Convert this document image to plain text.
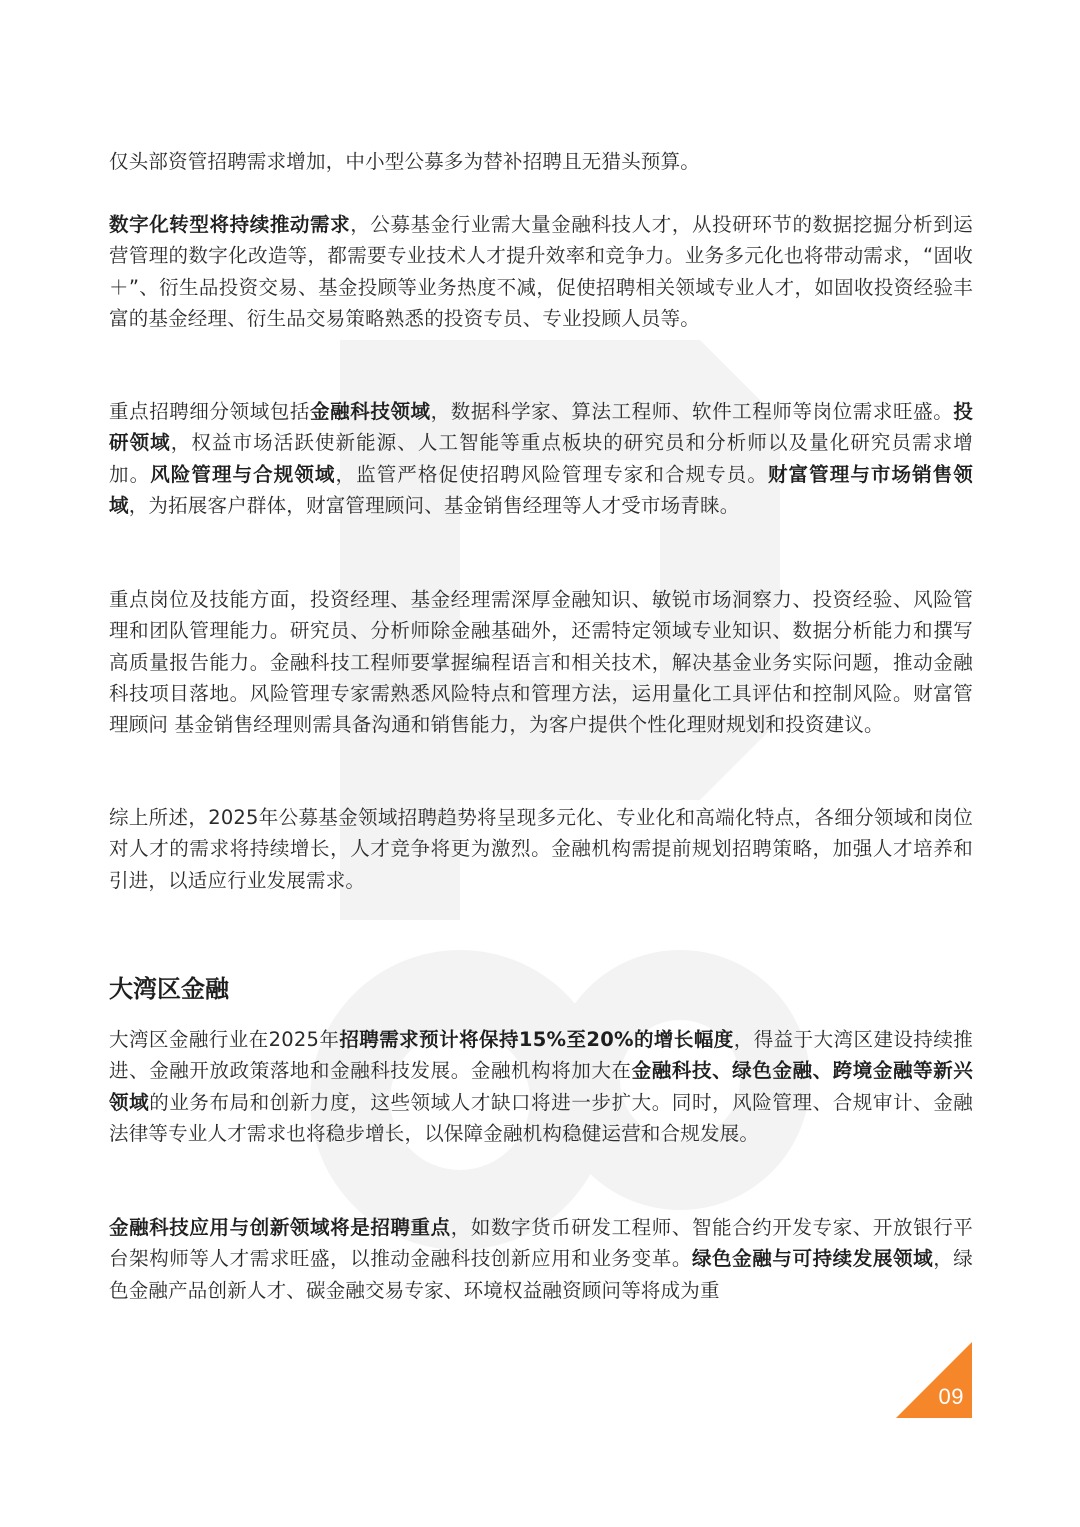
仅头部资管招聘需求增加，中小型公募多为替补招聘且无猎头预算。

数字化转型将持续推动需求，公募基金行业需大量金融科技人才，从投研环节的数据挖掘分析到运营管理的数字化改造等，都需要专业技术人才提升效率和竞争力。业务多元化也将带动需求，“固收＋”、衍生品投资交易、基金投顾等业务热度不减，促使招聘相关领域专业人才，如固收投资经验丰富的基金经理、衍生品交易策略熟悉的投资专员、专业投顾人员等。

重点招聘细分领域包括金融科技领域，数据科学家、算法工程师、软件工程师等岗位需求旺盛。投研领域，权益市场活跃使新能源、人工智能等重点板块的研究员和分析师以及量化研究员需求增加。风险管理与合规领域，监管严格促使招聘风险管理专家和合规专员。财富管理与市场销售领域，为拓展客户群体，财富管理顾问、基金销售经理等人才受市场青睐。

重点岗位及技能方面，投资经理、基金经理需深厚金融知识、敏锐市场洞察力、投资经验、风险管理和团队管理能力。研究员、分析师除金融基础外，还需特定领域专业知识、数据分析能力和撰写高质量报告能力。金融科技工程师要掌握编程语言和相关技术，解决基金业务实际问题，推动金融科技项目落地。风险管理专家需熟悉风险特点和管理方法，运用量化工具评估和控制风险。财富管理顾问 基金销售经理则需具备沟通和销售能力，为客户提供个性化理财规划和投资建议。

综上所述，2025年公募基金领域招聘趋势将呈现多元化、专业化和高端化特点，各细分领域和岗位对人才的需求将持续增长，人才竞争将更为激烈。金融机构需提前规划招聘策略，加强人才培养和引进，以适应行业发展需求。

大湾区金融

大湾区金融行业在2025年招聘需求预计将保持15%至20%的增长幅度，得益于大湾区建设持续推进、金融开放政策落地和金融科技发展。金融机构将加大在金融科技、绿色金融、跨境金融等新兴领域的业务布局和创新力度，这些领域人才缺口将进一步扩大。同时，风险管理、合规审计、金融法律等专业人才需求也将稳步增长，以保障金融机构稳健运营和合规发展。

金融科技应用与创新领域将是招聘重点，如数字货币研发工程师、智能合约开发专家、开放银行平台架构师等人才需求旺盛，以推动金融科技创新应用和业务变革。绿色金融与可持续发展领域，绿色金融产品创新人才、碳金融交易专家、环境权益融资顾问等将成为重

09
